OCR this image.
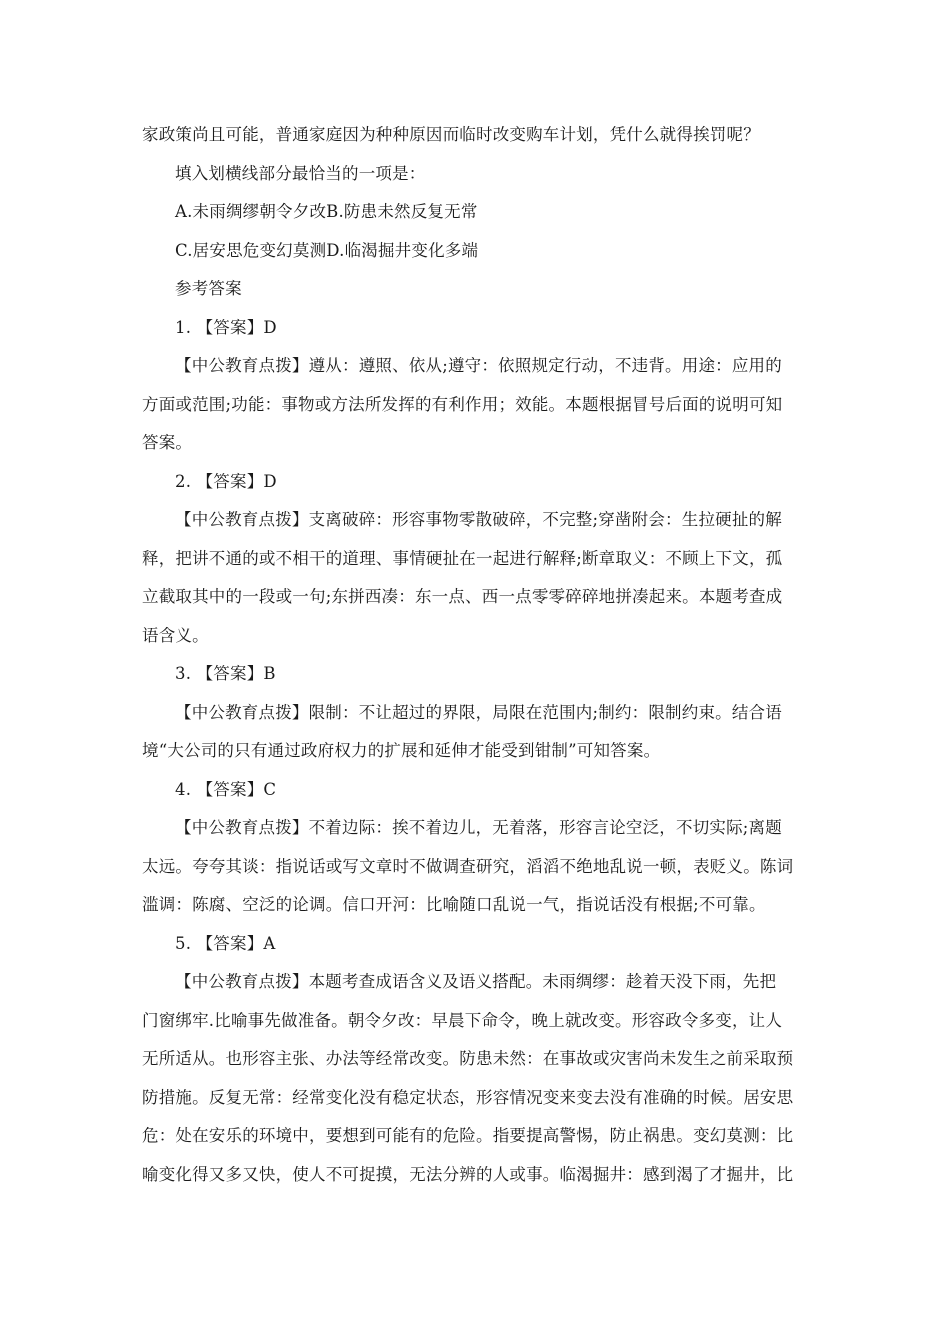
家政策尚且可能，普通家庭因为种种原因而临时改变购车计划，凭什么就得挨罚呢？
填入划横线部分最恰当的一项是：
A.未雨绸缪朝令夕改B.防患未然反复无常
C.居安思危变幻莫测D.临渴掘井变化多端
参考答案
1. 【答案】D
【中公教育点拨】遵从：遵照、依从;遵守：依照规定行动，不违背。用途：应用的
方面或范围;功能：事物或方法所发挥的有利作用；效能。本题根据冒号后面的说明可知
答案。
2. 【答案】D
【中公教育点拨】支离破碎：形容事物零散破碎，不完整;穿凿附会：生拉硬扯的解
释，把讲不通的或不相干的道理、事情硬扯在一起进行解释;断章取义：不顾上下文，孤
立截取其中的一段或一句;东拼西凑：东一点、西一点零零碎碎地拼凑起来。本题考查成
语含义。
3. 【答案】B
【中公教育点拨】限制：不让超过的界限，局限在范围内;制约：限制约束。结合语
境“大公司的只有通过政府权力的扩展和延伸才能受到钳制”可知答案。
4. 【答案】C
【中公教育点拨】不着边际：挨不着边儿，无着落，形容言论空泛，不切实际;离题
太远。夸夸其谈：指说话或写文章时不做调查研究，滔滔不绝地乱说一顿，表贬义。陈词
滥调：陈腐、空泛的论调。信口开河：比喻随口乱说一气，指说话没有根据;不可靠。
5. 【答案】A
【中公教育点拨】本题考查成语含义及语义搭配。未雨绸缪：趁着天没下雨，先把
门窗绑牢.比喻事先做准备。朝令夕改：早晨下命令，晚上就改变。形容政令多变，让人
无所适从。也形容主张、办法等经常改变。防患未然：在事故或灾害尚未发生之前采取预
防措施。反复无常：经常变化没有稳定状态，形容情况变来变去没有准确的时候。居安思
危：处在安乐的环境中，要想到可能有的危险。指要提高警惕，防止祸患。变幻莫测：比
喻变化得又多又快，使人不可捉摸，无法分辨的人或事。临渴掘井：感到渴了才掘井，比
